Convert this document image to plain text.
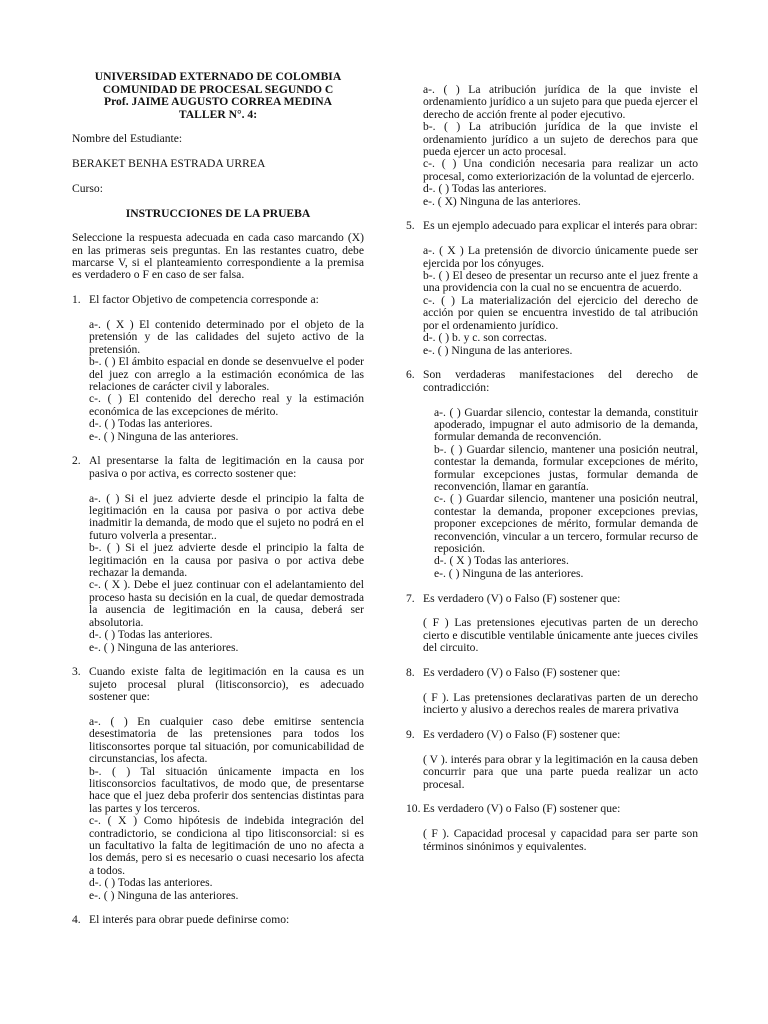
UNIVERSIDAD EXTERNADO DE COLOMBIA
COMUNIDAD DE PROCESAL SEGUNDO C
Prof. JAIME AUGUSTO CORREA MEDINA
TALLER N°. 4:

Nombre del Estudiante:

BERAKET BENHA ESTRADA URREA

Curso:

INSTRUCCIONES DE LA PRUEBA

Seleccione la respuesta adecuada en cada caso marcando (X) en las primeras seis preguntas. En las restantes cuatro, debe marcarse V, si el planteamiento correspondiente a la premisa es verdadero o F en caso de ser falsa.

1. El factor Objetivo de competencia corresponde a:

a-. ( X ) El contenido determinado por el objeto de la pretensión y de las calidades del sujeto activo de la pretensión.

b-. ( ) El ámbito espacial en donde se desenvuelve el poder del juez con arreglo a la estimación económica de las relaciones de carácter civil y laborales.

c-. ( ) El contenido del derecho real y la estimación económica de las excepciones de mérito.

d-. ( ) Todas las anteriores.

e-. ( ) Ninguna de las anteriores.

2. Al presentarse la falta de legitimación en la causa por pasiva o por activa, es correcto sostener que:

a-. ( ) Si el juez advierte desde el principio la falta de legitimación en la causa por pasiva o por activa debe inadmitir la demanda, de modo que el sujeto no podrá en el futuro volverla a presentar..

b-. ( ) Si el juez advierte desde el principio la falta de legitimación en la causa por pasiva o por activa debe rechazar la demanda.

c-. ( X ). Debe el juez continuar con el adelantamiento del proceso hasta su decisión en la cual, de quedar demostrada la ausencia de legitimación en la causa, deberá ser absolutoria.

d-. ( ) Todas las anteriores.

e-. ( ) Ninguna de las anteriores.

3. Cuando existe falta de legitimación en la causa es un sujeto procesal plural (litisconsorcio), es adecuado sostener que:

a-. ( ) En cualquier caso debe emitirse sentencia desestimatoria de las pretensiones para todos los litisconsortes porque tal situación, por comunicabilidad de circunstancias, los afecta.

b-. ( ) Tal situación únicamente impacta en los litisconsorcios facultativos, de modo que, de presentarse hace que el juez deba proferir dos sentencias distintas para las partes y los terceros.

c-. ( X ) Como hipótesis de indebida integración del contradictorio, se condiciona al tipo litisconsorcial: si es un facultativo la falta de legitimación de uno no afecta a los demás, pero si es necesario o cuasi necesario los afecta a todos.

d-. ( ) Todas las anteriores.

e-. ( ) Ninguna de las anteriores.

4. El interés para obrar puede definirse como:

a-. ( ) La atribución jurídica de la que inviste el ordenamiento jurídico a un sujeto para que pueda ejercer el derecho de acción frente al poder ejecutivo.

b-. ( ) La atribución jurídica de la que inviste el ordenamiento jurídico a un sujeto de derechos para que pueda ejercer un acto procesal.

c-. ( ) Una condición necesaria para realizar un acto procesal, como exteriorización de la voluntad de ejercerlo.

d-. ( ) Todas las anteriores.

e-. ( X) Ninguna de las anteriores.

5. Es un ejemplo adecuado para explicar el interés para obrar:

a-. ( X ) La pretensión de divorcio únicamente puede ser ejercida por los cónyuges.

b-. ( ) El deseo de presentar un recurso ante el juez frente a una providencia con la cual no se encuentra de acuerdo.

c-. ( ) La materialización del ejercicio del derecho de acción por quien se encuentra investido de tal atribución por el ordenamiento jurídico.

d-. ( ) b. y c. son correctas.

e-. ( ) Ninguna de las anteriores.

6. Son verdaderas manifestaciones del derecho de contradicción:

a-. ( ) Guardar silencio, contestar la demanda, constituir apoderado, impugnar el auto admisorio de la demanda, formular demanda de reconvención.

b-. ( ) Guardar silencio, mantener una posición neutral, contestar la demanda, formular excepciones de mérito, formular excepciones justas, formular demanda de reconvención, llamar en garantía.

c-. ( ) Guardar silencio, mantener una posición neutral, contestar la demanda, proponer excepciones previas, proponer excepciones de mérito, formular demanda de reconvención, vincular a un tercero, formular recurso de reposición.

d-. ( X ) Todas las anteriores.

e-. ( ) Ninguna de las anteriores.

7. Es verdadero (V) o Falso (F) sostener que:

( F ) Las pretensiones ejecutivas parten de un derecho cierto e discutible ventilable únicamente ante jueces civiles del circuito.

8. Es verdadero (V) o Falso (F) sostener que:

( F ). Las pretensiones declarativas parten de un derecho incierto y alusivo a derechos reales de marera privativa

9. Es verdadero (V) o Falso (F) sostener que:

( V ). interés para obrar y la legitimación en la causa deben concurrir para que una parte pueda realizar un acto procesal.

10. Es verdadero (V) o Falso (F) sostener que:

( F ). Capacidad procesal y capacidad para ser parte son términos sinónimos y equivalentes.
